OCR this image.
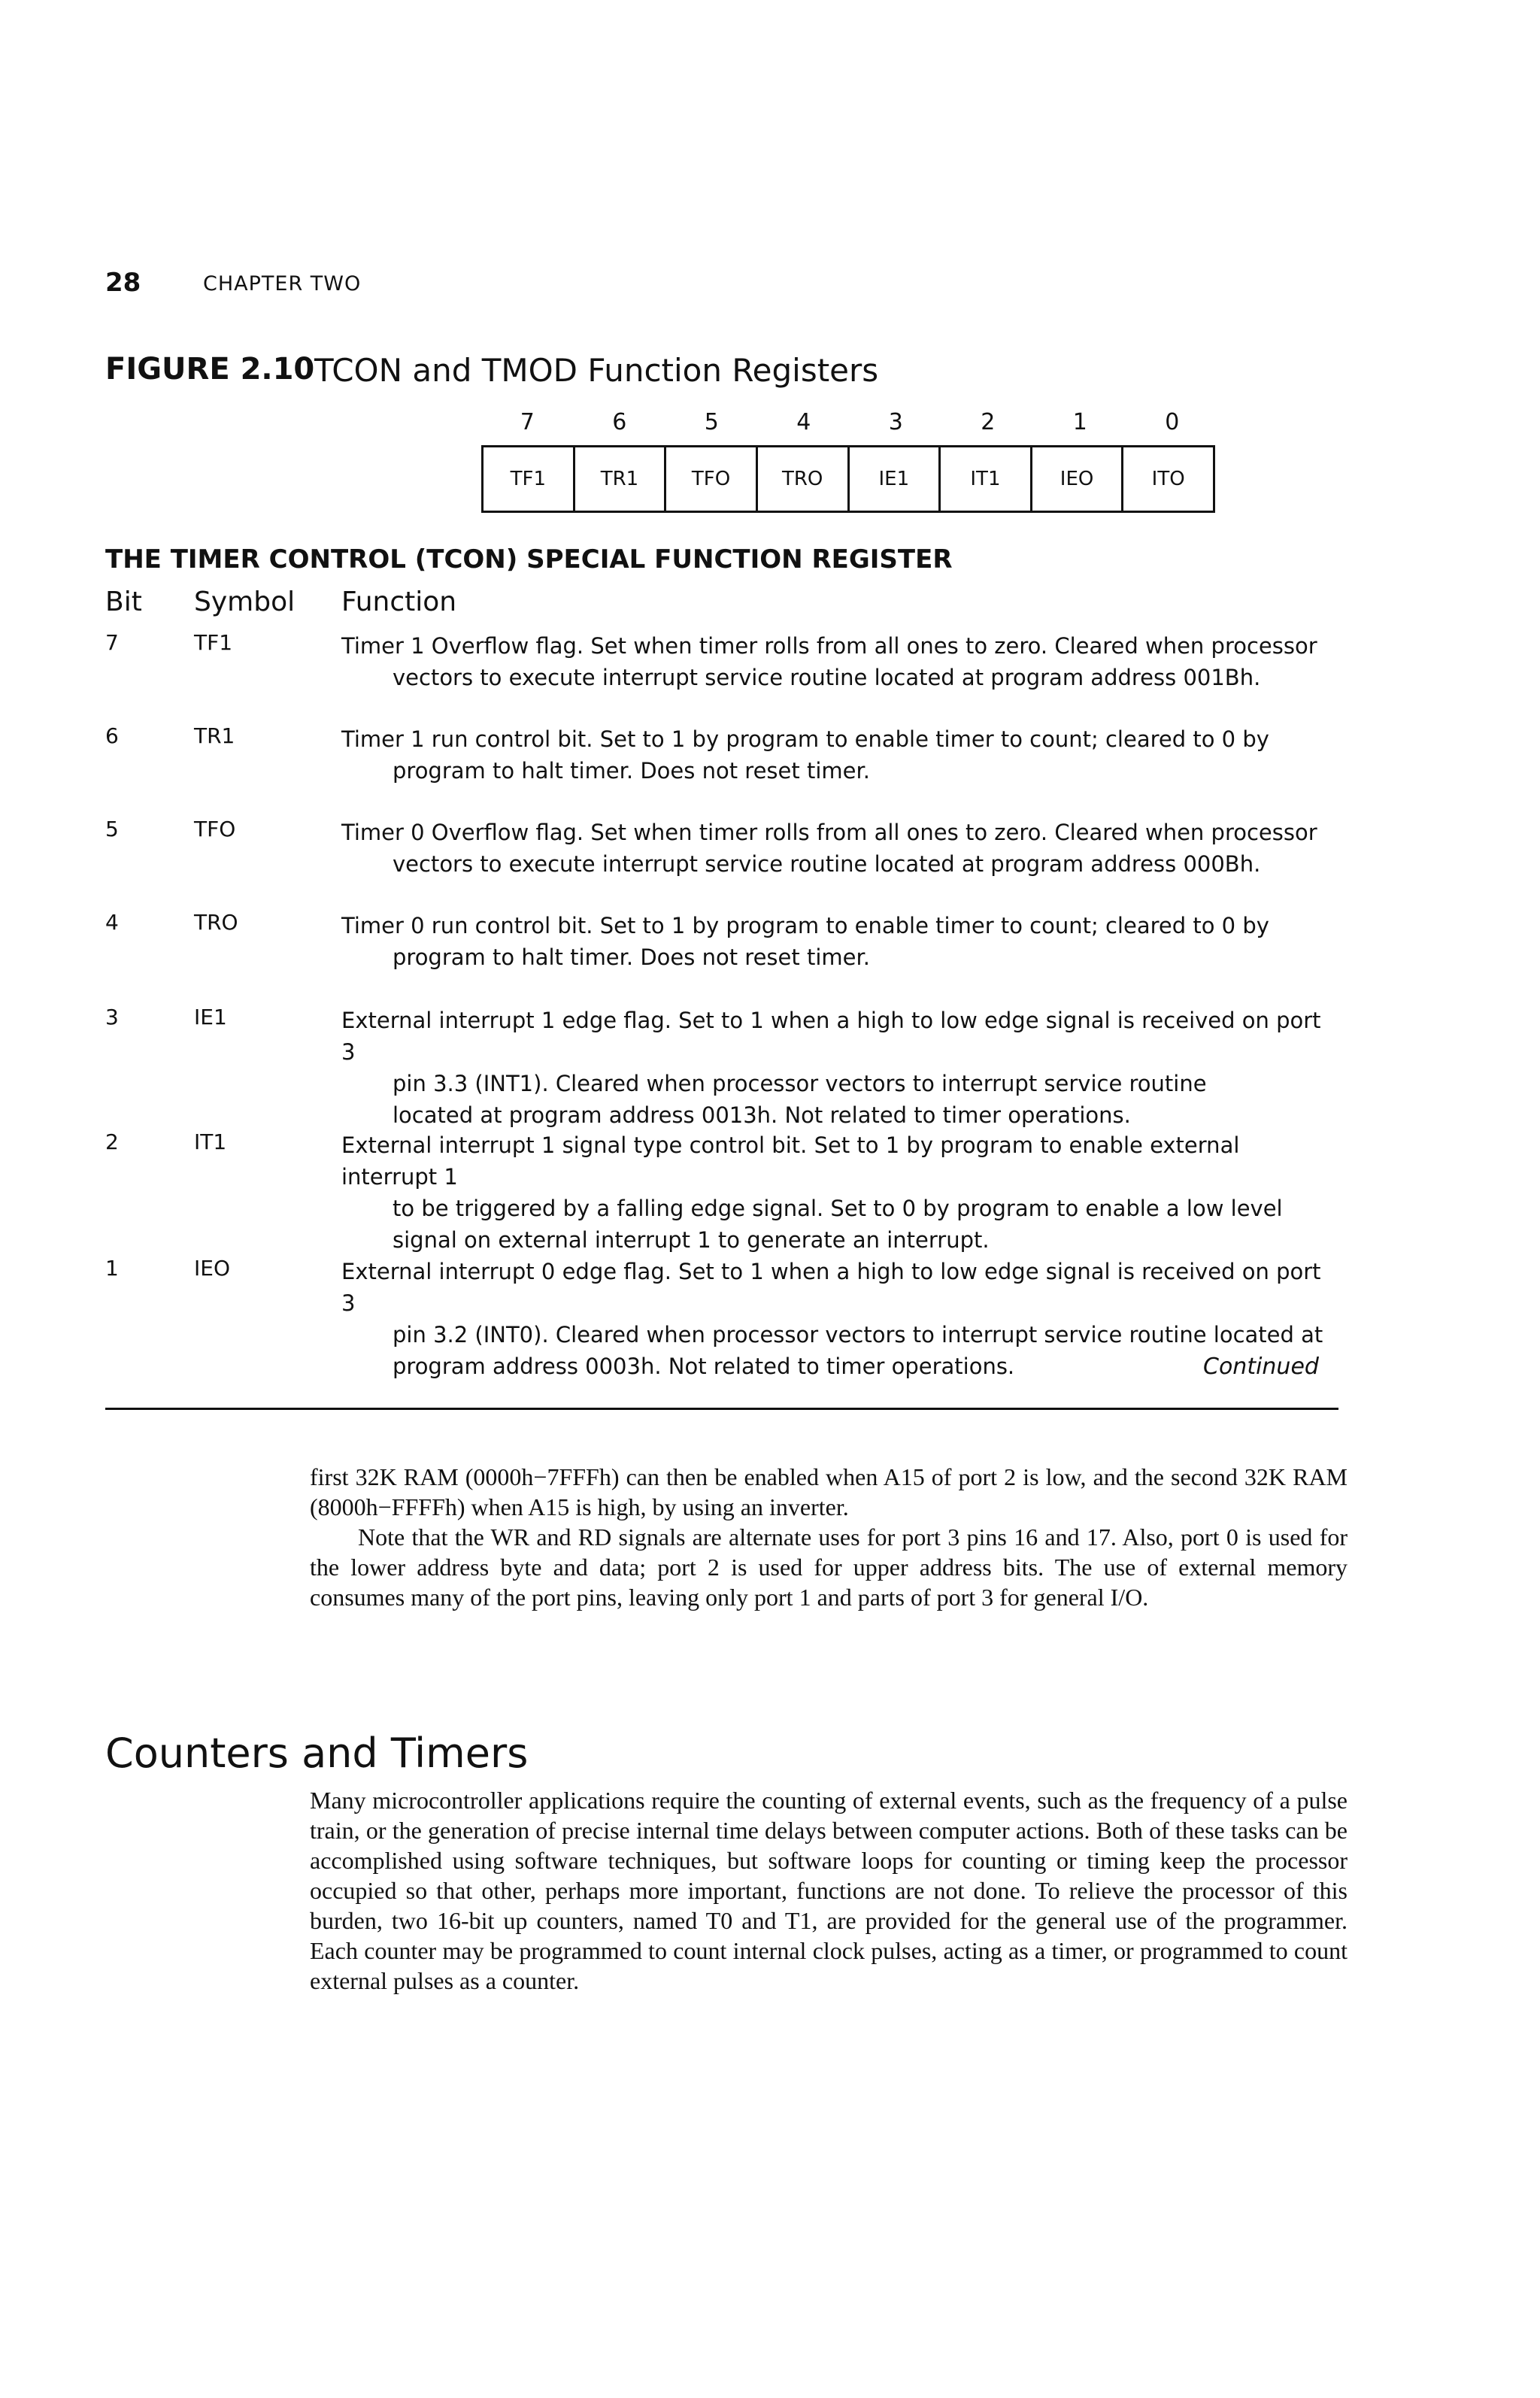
28	CHAPTER TWO
FIGURE 2.10 TCON and TMOD Function Registers
7	6	5	4	3	2	1	0
TF1	TR1	TFO	TRO	IE1	IT1	IEO	ITO
THE TIMER CONTROL (TCON) SPECIAL FUNCTION REGISTER
Bit Symbol Function
7	TF1	Timer 1 Overflow flag. Set when timer rolls from all ones to zero. Cleared when processor

vectors to execute interrupt service routine located at program address 001Bh.

6	TR1	Timer 1 run control bit. Set to 1 by program to enable timer to count; cleared to 0 by

program to halt timer. Does not reset timer.

5	TFO	Timer 0 Overflow flag. Set when timer rolls from all ones to zero. Cleared when processor

vectors to execute interrupt service routine located at program address 000Bh.

4	TRO	Timer 0 run control bit. Set to 1 by program to enable timer to count; cleared to 0 by

program to halt timer. Does not reset timer.

3	IE1	External interrupt 1 edge flag. Set to 1 when a high to low edge signal is received on port 3

pin 3.3 (INT1). Cleared when processor vectors to interrupt service routine

located at program address 0013h. Not related to timer operations.

2	IT1	External interrupt 1 signal type control bit. Set to 1 by program to enable external interrupt 1

to be triggered by a falling edge signal. Set to 0 by program to enable a low level

signal on external interrupt 1 to generate an interrupt.

1	IEO	External interrupt 0 edge flag. Set to 1 when a high to low edge signal is received on port 3

pin 3.2 (INT0). Cleared when processor vectors to interrupt service routine located at

program address 0003h. Not related to timer operations.	Continued

first 32K RAM (0000h−7FFFh) can then be enabled when A15 of port 2 is low, and the second 32K RAM (8000h−FFFFh) when A15 is high, by using an inverter.

Note that the WR and RD signals are alternate uses for port 3 pins 16 and 17. Also, port 0 is used for the lower address byte and data; port 2 is used for upper address bits. The use of external memory consumes many of the port pins, leaving only port 1 and parts of port 3 for general I/O.

Counters and Timers

Many microcontroller applications require the counting of external events, such as the frequency of a pulse train, or the generation of precise internal time delays between computer actions. Both of these tasks can be accomplished using software techniques, but software loops for counting or timing keep the processor occupied so that other, perhaps more important, functions are not done. To relieve the processor of this burden, two 16-bit up counters, named T0 and T1, are provided for the general use of the programmer. Each counter may be programmed to count internal clock pulses, acting as a timer, or programmed to count external pulses as a counter.
